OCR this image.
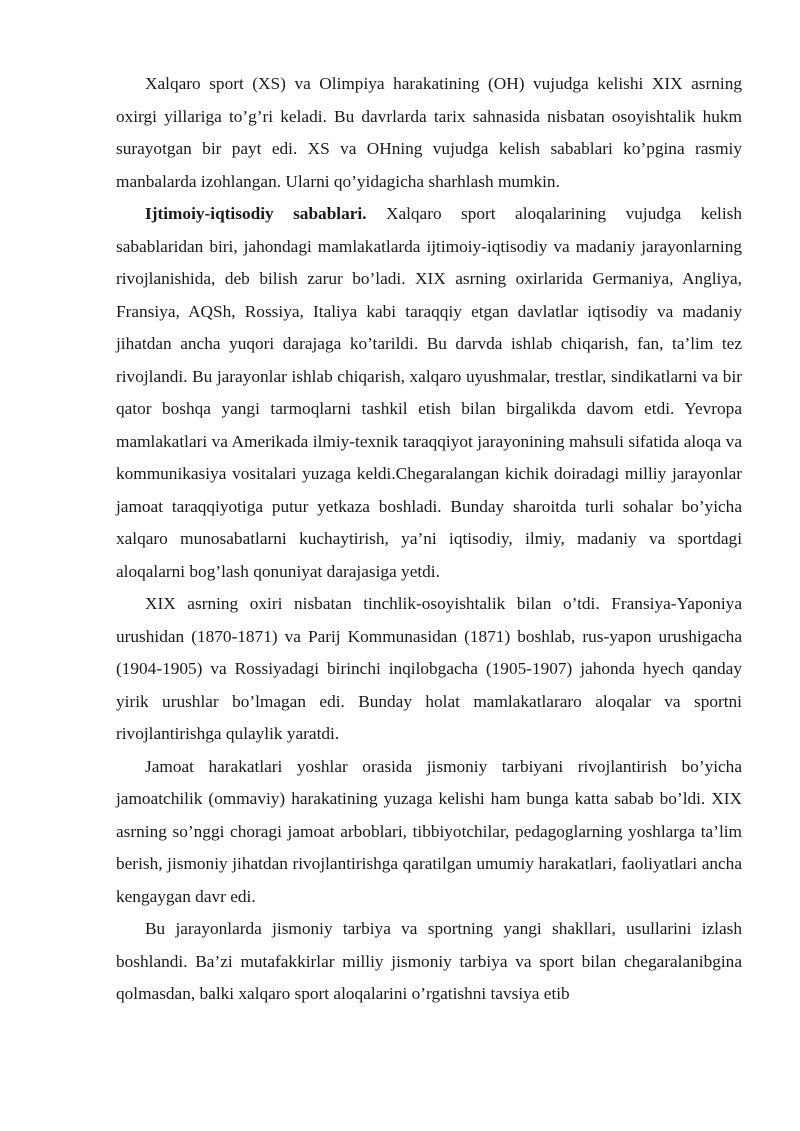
Xalqaro sport (XS) va Olimpiya harakatining (OH) vujudga kelishi XIX asrning oxirgi yillariga to’g’ri keladi. Bu davrlarda tarix sahnasida nisbatan osoyishtalik hukm surayotgan bir payt edi. XS va OHning vujudga kelish sabablari ko’pgina rasmiy manbalarda izohlangan. Ularni qo’yidagicha sharhlash mumkin.

Ijtimoiy-iqtisodiy sabablari. Xalqaro sport aloqalarining vujudga kelish sabablaridan biri, jahondagi mamlakatlarda ijtimoiy-iqtisodiy va madaniy jarayonlarning rivojlanishida, deb bilish zarur bo’ladi. XIX asrning oxirlarida Germaniya, Angliya, Fransiya, AQSh, Rossiya, Italiya kabi taraqqiy etgan davlatlar iqtisodiy va madaniy jihatdan ancha yuqori darajaga ko’tarildi. Bu darvda ishlab chiqarish, fan, ta’lim tez rivojlandi. Bu jarayonlar ishlab chiqarish, xalqaro uyushmalar, trestlar, sindikatlarni va bir qator boshqa yangi tarmoqlarni tashkil etish bilan birgalikda davom etdi. Yevropa mamlakatlari va Amerikada ilmiy-texnik taraqqiyot jarayonining mahsuli sifatida aloqa va kommunikasiya vositalari yuzaga keldi.Chegaralangan kichik doiradagi milliy jarayonlar jamoat taraqqiyotiga putur yetkaza boshladi. Bunday sharoitda turli sohalar bo’yicha xalqaro munosabatlarni kuchaytirish, ya’ni iqtisodiy, ilmiy, madaniy va sportdagi aloqalarni bog’lash qonuniyat darajasiga yetdi.

XIX asrning oxiri nisbatan tinchlik-osoyishtalik bilan o’tdi. Fransiya-Yaponiya urushidan (1870-1871) va Parij Kommunasidan (1871) boshlab, rus-yapon urushigacha (1904-1905) va Rossiyadagi birinchi inqilobgacha (1905-1907) jahonda hyech qanday yirik urushlar bo’lmagan edi. Bunday holat mamlakatlararo aloqalar va sportni rivojlantirishga qulaylik yaratdi.

Jamoat harakatlari yoshlar orasida jismoniy tarbiyani rivojlantirish bo’yicha jamoatchilik (ommaviy) harakatining yuzaga kelishi ham bunga katta sabab bo’ldi. XIX asrning so’nggi choragi jamoat arboblari, tibbiyotchilar, pedagoglarning yoshlarga ta’lim berish, jismoniy jihatdan rivojlantirishga qaratilgan umumiy harakatlari, faoliyatlari ancha kengaygan davr edi.

Bu jarayonlarda jismoniy tarbiya va sportning yangi shakllari, usullarini izlash boshlandi. Ba’zi mutafakkirlar milliy jismoniy tarbiya va sport bilan chegaralanibgina qolmasdan, balki xalqaro sport aloqalarini o’rgatishni tavsiya etib
